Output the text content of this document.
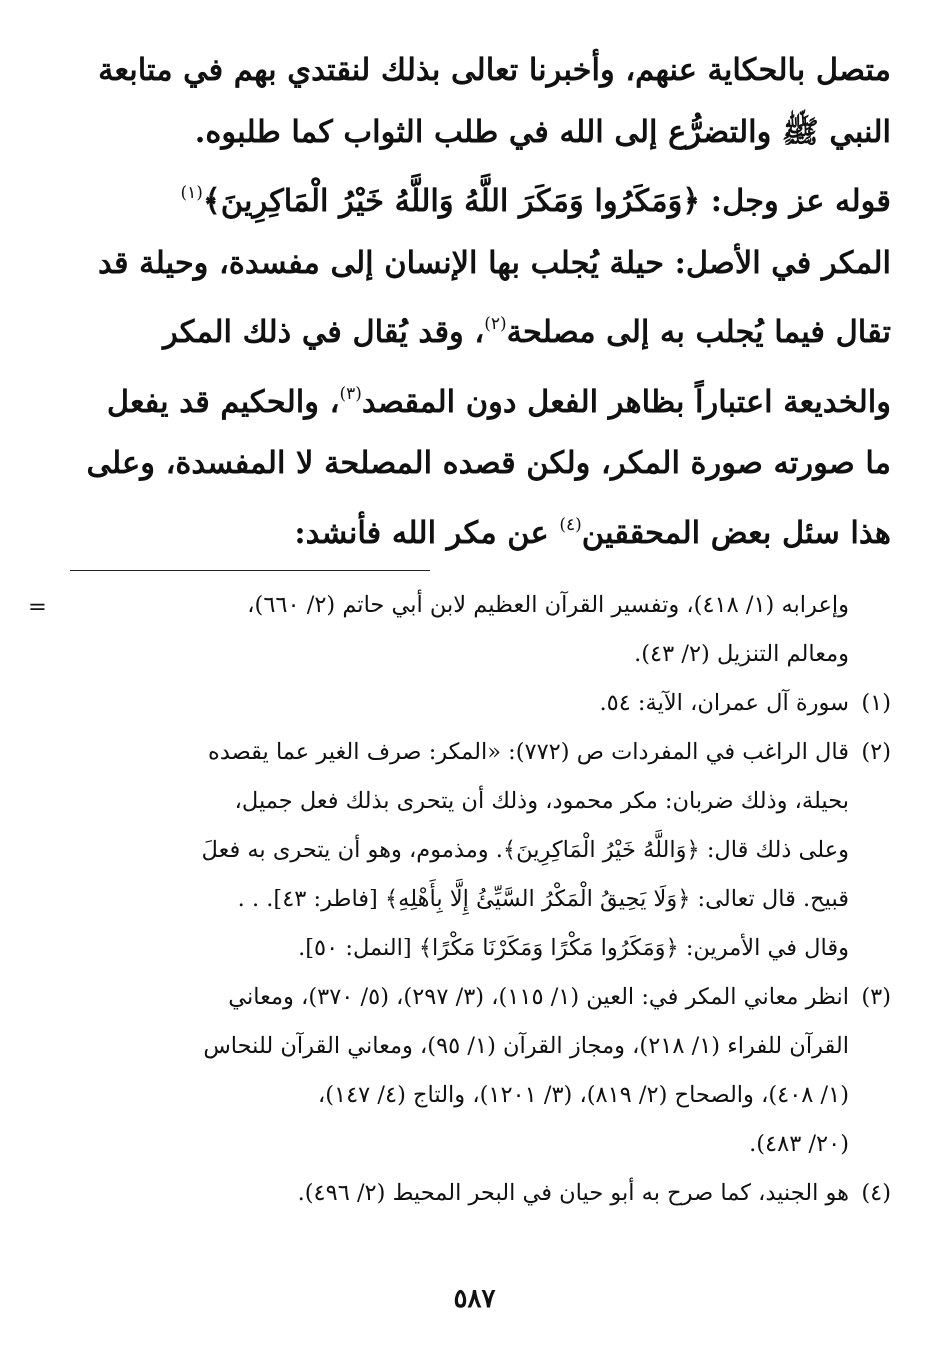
متصل بالحكاية عنهم، وأخبرنا تعالى بذلك لنقتدي بهم في متابعة

النبي ﷺ والتضرُّع إلى الله في طلب الثواب كما طلبوه.

قوله عز وجل: ﴿وَمَكَرُوا وَمَكَرَ اللَّهُ وَاللَّهُ خَيْرُ الْمَاكِرِينَ﴾$^{(١)}$

المكر في الأصل: حيلة يُجلب بها الإنسان إلى مفسدة، وحيلة قد

تقال فيما يُجلب به إلى مصلحة$^{(٢)}$، وقد يُقال في ذلك المكر

والخديعة اعتباراً بظاهر الفعل دون المقصد$^{(٣)}$، والحكيم قد يفعل

ما صورته صورة المكر، ولكن قصده المصلحة لا المفسدة، وعلى

هذا سئل بعض المحققين$^{(٤)}$ عن مكر الله فأنشد:

=	وإعرابه (١/ ٤١٨)، وتفسير القرآن العظيم لابن أبي حاتم (٢/ ٦٦٠)،
ومعالم التنزيل (٢/ ٤٣).
(١)
سورة آل عمران، الآية: ٥٤.
(٢)
قال الراغب في المفردات ص (٧٧٢): «المكر: صرف الغير عما يقصده
بحيلة، وذلك ضربان: مكر محمود، وذلك أن يتحرى بذلك فعل جميل،
وعلى ذلك قال: ﴿وَاللَّهُ خَيْرُ الْمَاكِرِينَ﴾. ومذموم، وهو أن يتحرى به فعلَ
قبيح. قال تعالى: ﴿وَلَا يَحِيقُ الْمَكْرُ السَّيِّئُ إِلَّا بِأَهْلِهِ﴾ [فاطر: ٤٣]. . .
وقال في الأمرين: ﴿وَمَكَرُوا مَكْرًا وَمَكَرْنَا مَكْرًا﴾ [النمل: ٥٠].
(٣)
انظر معاني المكر في: العين (١/ ١١٥)، (٣/ ٢٩٧)، (٥/ ٣٧٠)، ومعاني
القرآن للفراء (١/ ٢١٨)، ومجاز القرآن (١/ ٩٥)، ومعاني القرآن للنحاس
(١/ ٤٠٨)، والصحاح (٢/ ٨١٩)، (٣/ ١٢٠١)، والتاج (٤/ ١٤٧)،
(٢٠/ ٤٨٣).
(٤)
هو الجنيد، كما صرح به أبو حيان في البحر المحيط (٢/ ٤٩٦).
٥٨٧
